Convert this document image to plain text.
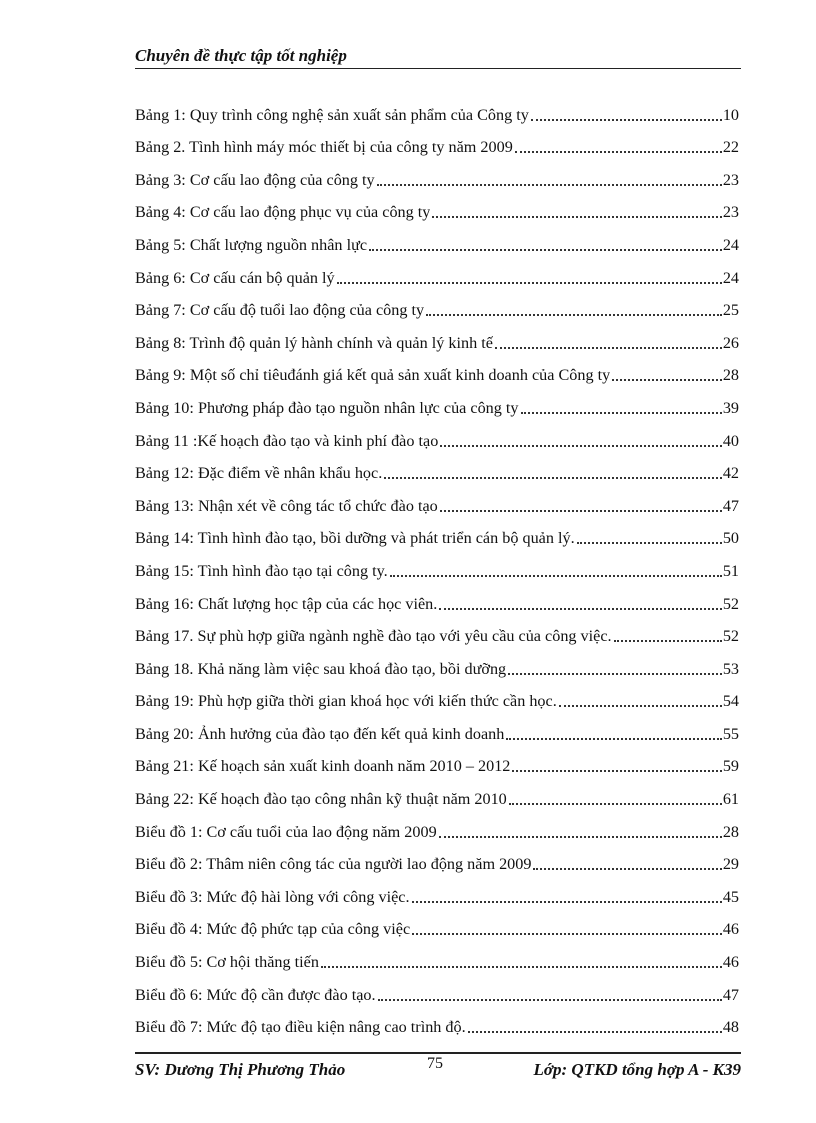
Chuyên đề thực tập tốt nghiệp
Bảng 1: Quy trình công nghệ sản xuất sản phẩm của Công ty	10
Bảng 2. Tình hình máy móc thiết bị của công ty năm 2009	22
Bảng 3: Cơ cấu lao động của công ty	23
Bảng 4: Cơ cấu lao động phục vụ của công ty	23
Bảng 5: Chất lượng nguồn nhân lực	24
Bảng 6: Cơ cấu cán bộ quản lý	24
Bảng 7: Cơ cấu độ tuổi lao động của công ty	25
Bảng 8: Trình độ quản lý hành chính và quản lý kinh tế	26
Bảng 9: Một số chỉ tiêuđánh giá kết quả sản xuất kinh doanh của Công ty	28
Bảng 10: Phương pháp đào tạo nguồn nhân lực của công ty	39
Bảng 11 :Kế hoạch đào tạo và kinh phí đào tạo	40
Bảng 12: Đặc điểm về nhân khẩu học.	42
Bảng 13: Nhận xét về công tác tổ chức đào tạo	47
Bảng 14: Tình hình đào tạo, bồi dưỡng và phát triển cán bộ quản lý.	50
Bảng 15: Tình hình đào tạo tại công ty.	51
Bảng 16: Chất lượng học tập của các học viên.	52
Bảng 17. Sự phù hợp giữa ngành nghề đào tạo với yêu cầu của công việc.	52
Bảng 18. Khả năng làm việc sau khoá đào tạo, bồi dưỡng	53
Bảng 19: Phù hợp giữa thời gian khoá học với kiến thức cần học.	54
Bảng 20: Ảnh hưởng của đào tạo đến kết quả kinh doanh	55
Bảng 21: Kế hoạch sản xuất kinh doanh năm 2010 – 2012	59
Bảng 22: Kế hoạch đào tạo công nhân kỹ thuật năm 2010	61
Biểu đồ 1: Cơ cấu tuổi của lao động năm 2009	28
Biểu đồ 2: Thâm niên công tác của người lao động năm 2009	29
Biểu đồ 3: Mức độ hài lòng với công việc.	45
Biểu đồ 4: Mức độ phức tạp của công việc	46
Biểu đồ 5: Cơ hội thăng tiến	46
Biểu đồ 6: Mức độ cần được đào tạo.	47
Biểu đồ 7: Mức độ tạo điều kiện nâng cao trình độ.	48
SV: Dương Thị Phương Thảo	75	Lớp: QTKD tổng hợp A - K39
